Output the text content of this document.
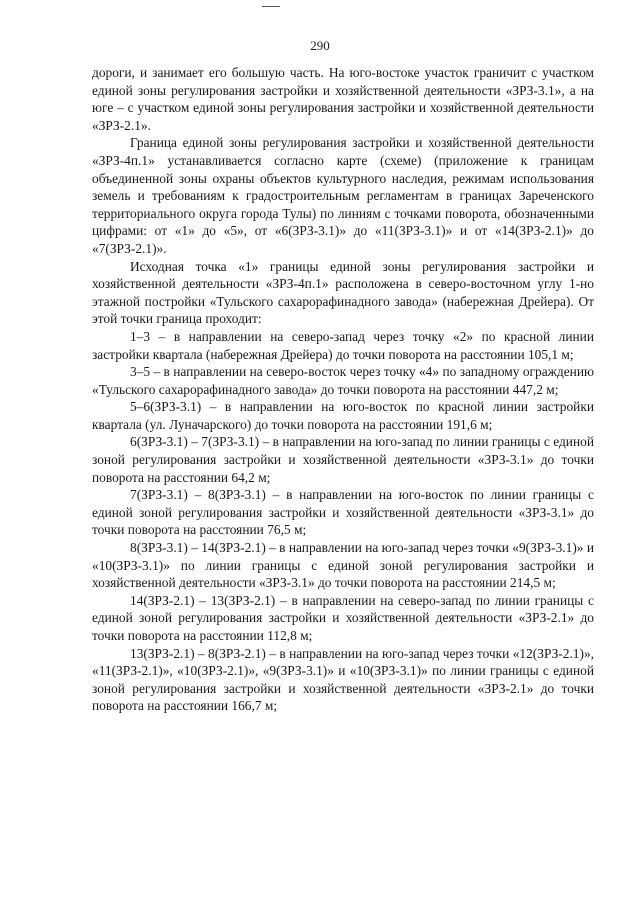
290

дороги, и занимает его большую часть. На юго-востоке участок граничит с участком единой зоны регулирования застройки и хозяйственной деятельности «ЗРЗ-3.1», а на юге – с участком единой зоны регулирования застройки и хозяйственной деятельности «ЗРЗ-2.1».

Граница единой зоны регулирования застройки и хозяйственной деятельности «ЗРЗ-4п.1» устанавливается согласно карте (схеме) (приложение к границам объединенной зоны охраны объектов культурного наследия, режимам использования земель и требованиям к градостроительным регламентам в границах Зареченского территориального округа города Тулы) по линиям с точками поворота, обозначенными цифрами: от «1» до «5», от «6(ЗРЗ-3.1)» до «11(ЗРЗ-3.1)» и от «14(ЗРЗ-2.1)» до «7(ЗРЗ-2.1)».

Исходная точка «1» границы единой зоны регулирования застройки и хозяйственной деятельности «ЗРЗ-4п.1» расположена в северо-восточном углу 1-но этажной постройки «Тульского сахарорафинадного завода» (набережная Дрейера). От этой точки граница проходит:

1–3 – в направлении на северо-запад через точку «2» по красной линии застройки квартала (набережная Дрейера) до точки поворота на расстоянии 105,1 м;

3–5 – в направлении на северо-восток через точку «4» по западному ограждению «Тульского сахарорафинадного завода» до точки поворота на расстоянии 447,2 м;

5–6(ЗРЗ-3.1) – в направлении на юго-восток по красной линии застройки квартала (ул. Луначарского) до точки поворота на расстоянии 191,6 м;

6(ЗРЗ-3.1) – 7(ЗРЗ-3.1) – в направлении на юго-запад по линии границы с единой зоной регулирования застройки и хозяйственной деятельности «ЗРЗ-3.1» до точки поворота на расстоянии 64,2 м;

7(ЗРЗ-3.1) – 8(ЗРЗ-3.1) – в направлении на юго-восток по линии границы с единой зоной регулирования застройки и хозяйственной деятельности «ЗРЗ-3.1» до точки поворота на расстоянии 76,5 м;

8(ЗРЗ-3.1) – 14(ЗРЗ-2.1) – в направлении на юго-запад через точки «9(ЗРЗ-3.1)» и «10(ЗРЗ-3.1)» по линии границы с единой зоной регулирования застройки и хозяйственной деятельности «ЗРЗ-3.1» до точки поворота на расстоянии 214,5 м;

14(ЗРЗ-2.1) – 13(ЗРЗ-2.1) – в направлении на северо-запад по линии границы с единой зоной регулирования застройки и хозяйственной деятельности «ЗРЗ-2.1» до точки поворота на расстоянии 112,8 м;

13(ЗРЗ-2.1) – 8(ЗРЗ-2.1) – в направлении на юго-запад через точки «12(ЗРЗ-2.1)», «11(ЗРЗ-2.1)», «10(ЗРЗ-2.1)», «9(ЗРЗ-3.1)» и «10(ЗРЗ-3.1)» по линии границы с единой зоной регулирования застройки и хозяйственной деятельности «ЗРЗ-2.1» до точки поворота на расстоянии 166,7 м;
